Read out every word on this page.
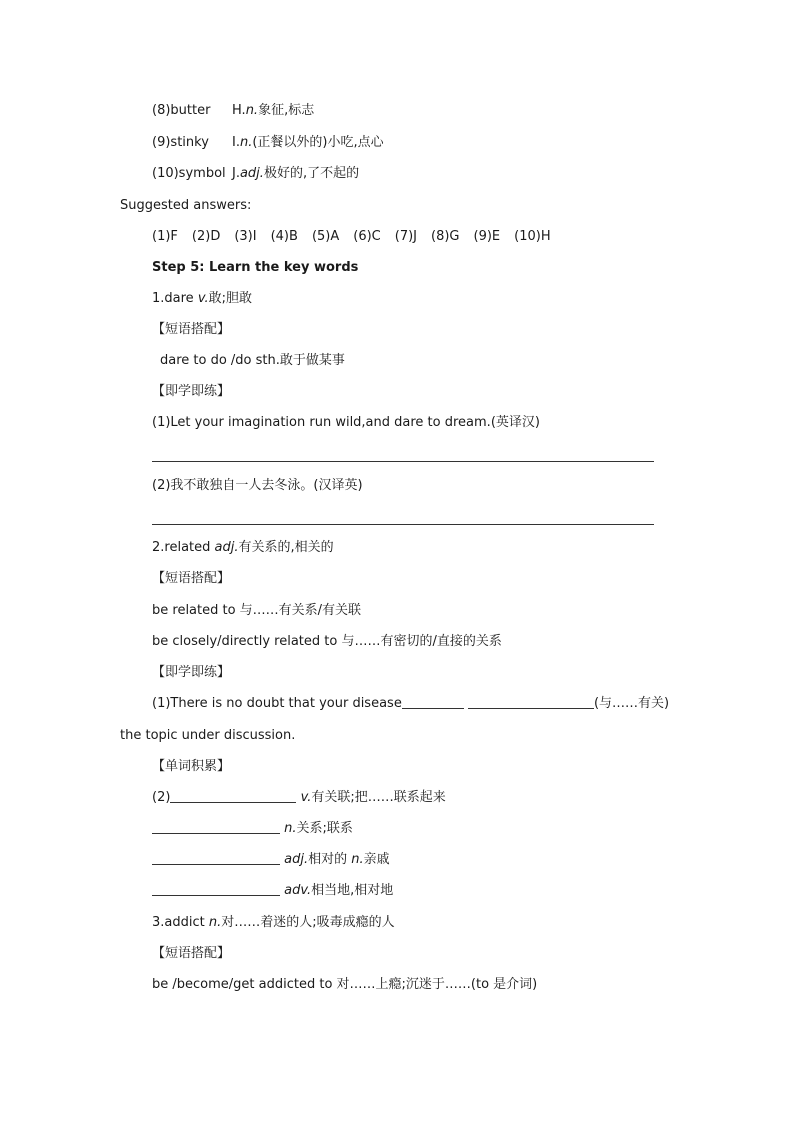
(8)butter H.n.象征,标志
(9)stinky I.n.(正餐以外的)小吃,点心
(10)symbol J.adj.极好的,了不起的
Suggested answers:
(1)F (2)D (3)I (4)B (5)A (6)C (7)J (8)G (9)E (10)H
Step 5: Learn the key words
1.dare v.敢;胆敢
【短语搭配】
dare to do /do sth.敢于做某事
【即学即练】
(1)Let your imagination run wild,and dare to dream.(英译汉)
(2)我不敢独自一人去冬泳。(汉译英)
2.related adj.有关系的,相关的
【短语搭配】
be related to 与……有关系/有关联
be closely/directly related to 与……有密切的/直接的关系
【即学即练】
(1)There is no doubt that your disease	(与……有关)
the topic under discussion.
【单词积累】
(2)	v.有关联;把……联系起来
n.关系;联系
adj.相对的 n.亲戚
adv.相当地,相对地
3.addict n.对……着迷的人;吸毒成瘾的人
【短语搭配】
be /become/get addicted to 对……上瘾;沉迷于……(to 是介词)
